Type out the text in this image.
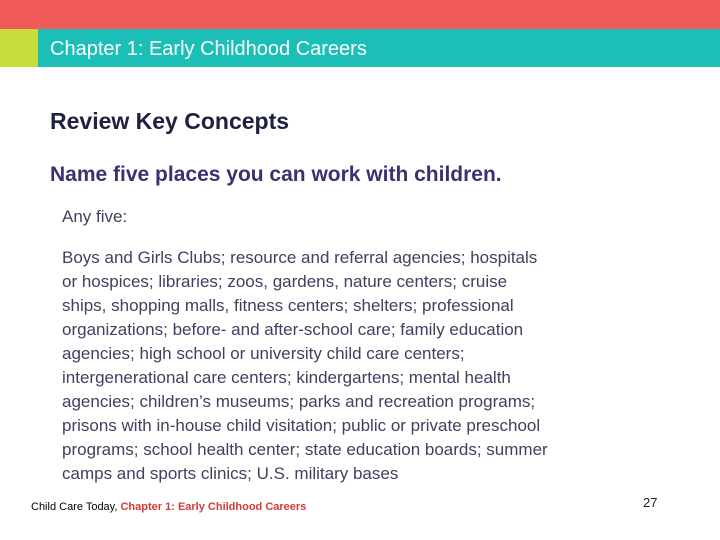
Chapter 1: Early Childhood Careers
Review Key Concepts
Name five places you can work with children.
Any five:
Boys and Girls Clubs; resource and referral agencies; hospitals
or hospices; libraries; zoos, gardens, nature centers; cruise
ships, shopping malls, fitness centers; shelters; professional
organizations; before- and after-school care; family education
agencies; high school or university child care centers;
intergenerational care centers; kindergartens; mental health
agencies; children’s museums; parks and recreation programs;
prisons with in-house child visitation; public or private preschool
programs; school health center; state education boards; summer
camps and sports clinics; U.S. military bases
Child Care Today, Chapter 1: Early Childhood Careers	27
